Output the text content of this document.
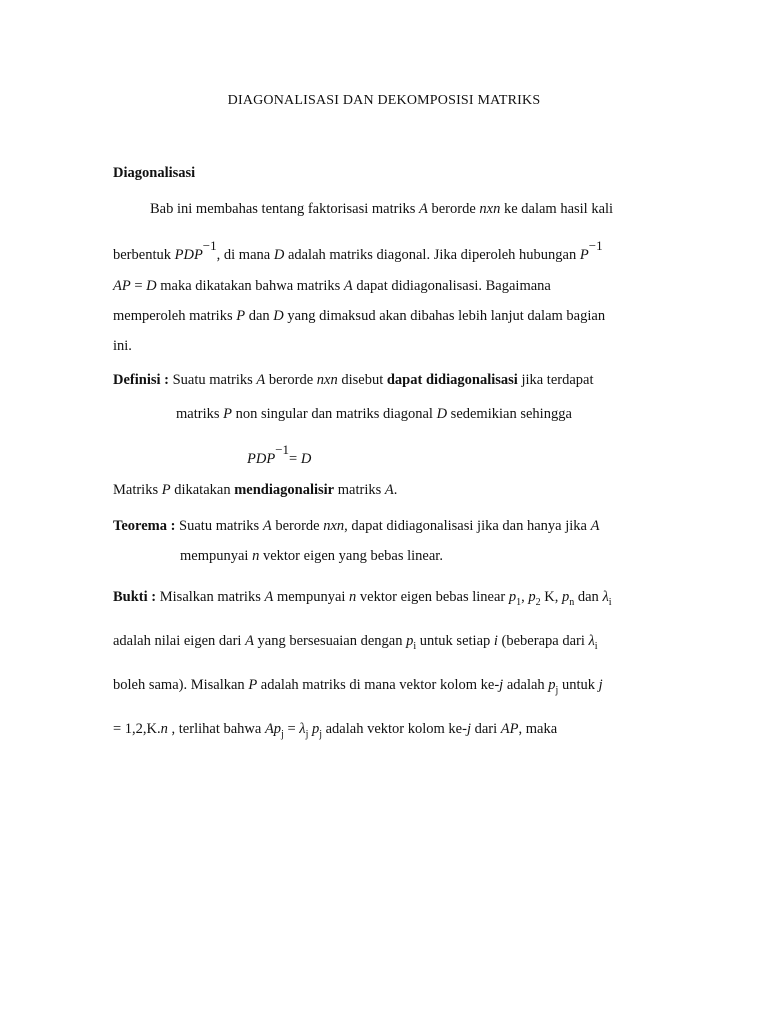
DIAGONALISASI DAN DEKOMPOSISI MATRIKS
Diagonalisasi
Bab ini membahas tentang faktorisasi matriks A berorde nxn ke dalam hasil kali
berbentuk $PDP^{-1}$, di mana D adalah matriks diagonal. Jika diperoleh hubungan $P^{-1}$
AP = D maka dikatakan bahwa matriks A dapat didiagonalisasi. Bagaimana
memperoleh matriks P dan D yang dimaksud akan dibahas lebih lanjut dalam bagian
ini.
Definisi : Suatu matriks A berorde nxn disebut dapat didiagonalisasi jika terdapat
matriks P non singular dan matriks diagonal D sedemikian sehingga
$PDP^{-1}= D$
Matriks P dikatakan mendiagonalisir matriks A.
Teorema : Suatu matriks A berorde nxn, dapat didiagonalisasi jika dan hanya jika A
mempunyai n vektor eigen yang bebas linear.
Bukti : Misalkan matriks A mempunyai n vektor eigen bebas linear $p_1$, $p_2$ K, $p_n$ dan $\lambda_i$
adalah nilai eigen dari A yang bersesuaian dengan $p_i$ untuk setiap i (beberapa dari $\lambda_i$
boleh sama). Misalkan P adalah matriks di mana vektor kolom ke-j adalah $p_j$ untuk j
= 1,2,K.n , terlihat bahwa $Ap_j = \lambda_j$ $p_j$ adalah vektor kolom ke-j dari AP, maka
